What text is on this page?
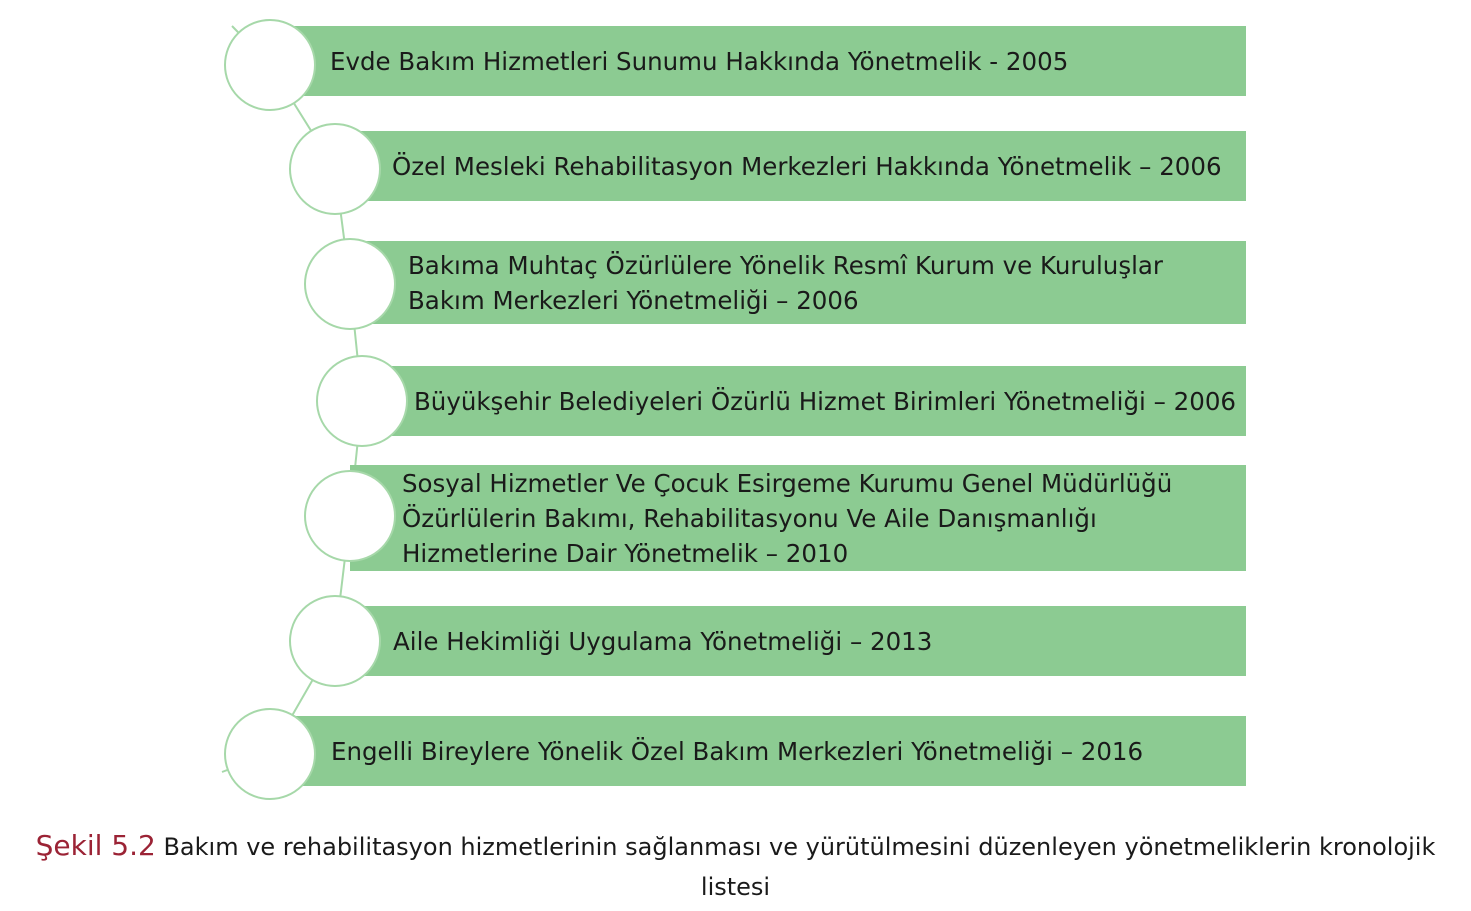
Evde Bakım Hizmetleri Sunumu Hakkında Yönetmelik - 2005
Özel Mesleki Rehabilitasyon Merkezleri Hakkında Yönetmelik – 2006
Bakıma Muhtaç Özürlülere Yönelik Resmî Kurum ve Kuruluşlar
Bakım Merkezleri Yönetmeliği – 2006
Büyükşehir Belediyeleri Özürlü Hizmet Birimleri Yönetmeliği – 2006
Sosyal Hizmetler Ve Çocuk Esirgeme Kurumu Genel Müdürlüğü
Özürlülerin Bakımı, Rehabilitasyonu Ve Aile Danışmanlığı
Hizmetlerine Dair Yönetmelik – 2010
Aile Hekimliği Uygulama Yönetmeliği – 2013
Engelli Bireylere Yönelik Özel Bakım Merkezleri Yönetmeliği – 2016
Şekil 5.2 Bakım ve rehabilitasyon hizmetlerinin sağlanması ve yürütülmesini düzenleyen yönetmeliklerin kronolojik listesi
